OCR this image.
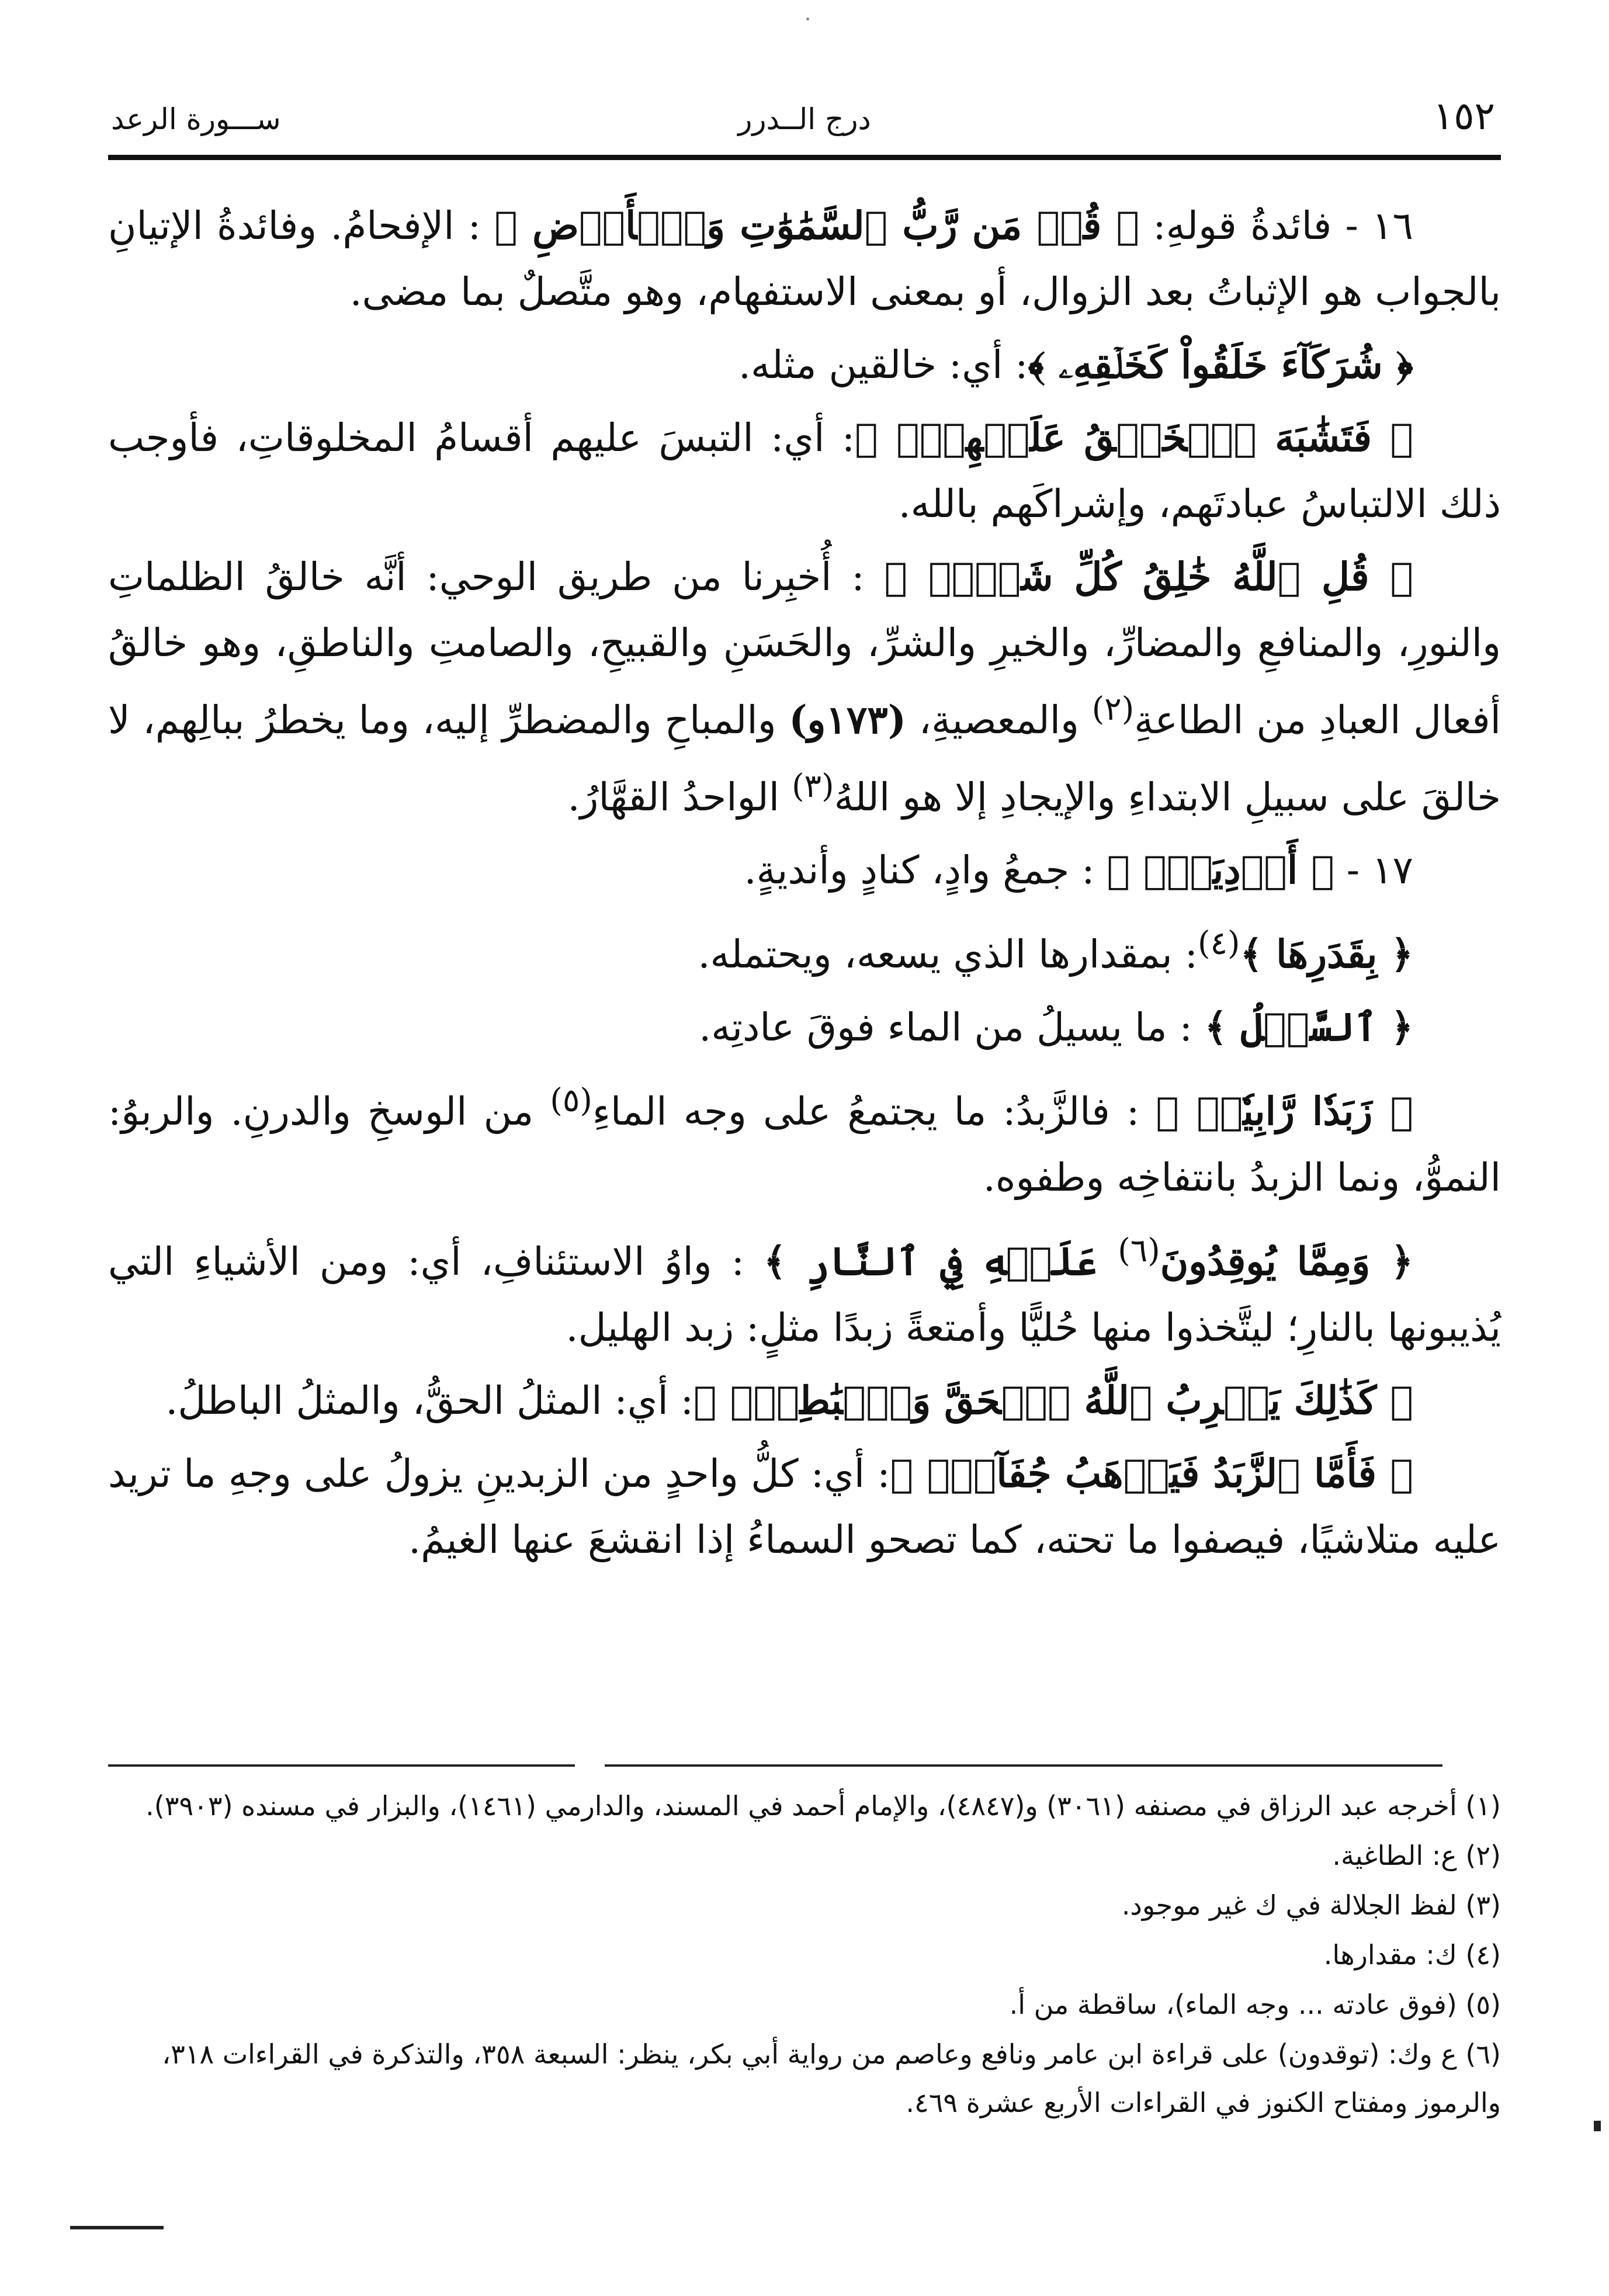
١٥٢
درج الــدرر
ســـورة الرعد

١٦ - فائدةُ قولهِ: ﴿ قُلۡ مَن رَّبُّ ٱلسَّمَٰوَٰتِ وَٱلۡأَرۡضِ ﴾ : الإفحامُ. وفائدةُ الإتيانِ بالجواب هو الإثباتُ بعد الزوال، أو بمعنى الاستفهام، وهو متَّصلٌ بما مضى.

﴿ شُرَكَآءَ خَلَقُواْ كَخَلۡقِهِۦ ﴾: أي: خالقين مثله.

﴿ فَتَشَٰبَهَ ٱلۡخَلۡقُ عَلَيۡهِمۡۚ ﴾: أي: التبسَ عليهم أقسامُ المخلوقاتِ، فأوجب ذلك الالتباسُ عبادتَهم، وإشراكَهم بالله.

﴿ قُلِ ٱللَّهُ خَٰلِقُ كُلِّ شَيۡءٖ ﴾ : أُخبِرنا من طريق الوحي: أنَّه خالقُ الظلماتِ والنورِ، والمنافعِ والمضارِّ، والخيرِ والشرِّ، والحَسَنِ والقبيحِ، والصامتِ والناطقِ، وهو خالقُ أفعال العبادِ من الطاعةِ$^{(٢)}$ والمعصيةِ، (١٧٣و) والمباحِ والمضطرِّ إليه، وما يخطرُ ببالِهم، لا خالقَ على سبيلِ الابتداءِ والإيجادِ إلا هو اللهُ$^{(٣)}$ الواحدُ القهَّارُ.

١٧ - ﴿ أَوۡدِيَةُۢ ﴾ : جمعُ وادٍ، كنادٍ وأنديةٍ.

﴿ بِقَدَرِهَا ﴾$^{(٤)}$: بمقدارها الذي يسعه، ويحتمله.

﴿ ٱلسَّيۡلُ ﴾ : ما يسيلُ من الماء فوقَ عادتِه.

﴿ زَبَدٗا رَّابِيٗاۖ ﴾ : فالزَّبدُ: ما يجتمعُ على وجه الماءِ$^{(٥)}$ من الوسخِ والدرنِ. والربوُ: النموُّ، ونما الزبدُ بانتفاخِه وطفوه.

﴿ وَمِمَّا يُوقِدُونَ$^{(٦)}$ عَلَيۡهِ فِي ٱلنَّارِ ﴾ : واوُ الاستئنافِ، أي: ومن الأشياءِ التي يُذيبونها بالنارِ؛ ليتَّخذوا منها حُليًّا وأمتعةً زبدًا مثلٍ: زبد الهليل.

﴿ كَذَٰلِكَ يَضۡرِبُ ٱللَّهُ ٱلۡحَقَّ وَٱلۡبَٰطِلَۚ ﴾: أي: المثلُ الحقُّ، والمثلُ الباطلُ.

﴿ فَأَمَّا ٱلزَّبَدُ فَيَذۡهَبُ جُفَآءٗۖ ﴾: أي: كلُّ واحدٍ من الزبدينِ يزولُ على وجهِ ما تريد عليه متلاشيًا، فيصفوا ما تحته، كما تصحو السماءُ إذا انقشعَ عنها الغيمُ.

(١) أخرجه عبد الرزاق في مصنفه (٣٠٦١) و(٤٨٤٧)، والإمام أحمد في المسند، والدارمي (١٤٦١)، والبزار في مسنده (٣٩٠٣).

(٢) ع: الطاغية.

(٣) لفظ الجلالة في ك غير موجود.

(٤) ك: مقدارها.

(٥) (فوق عادته ... وجه الماء)، ساقطة من أ.

(٦) ع وك: (توقدون) على قراءة ابن عامر ونافع وعاصم من رواية أبي بكر، ينظر: السبعة ٣٥٨، والتذكرة في القراءات ٣١٨، والرموز ومفتاح الكنوز في القراءات الأربع عشرة ٤٦٩.
